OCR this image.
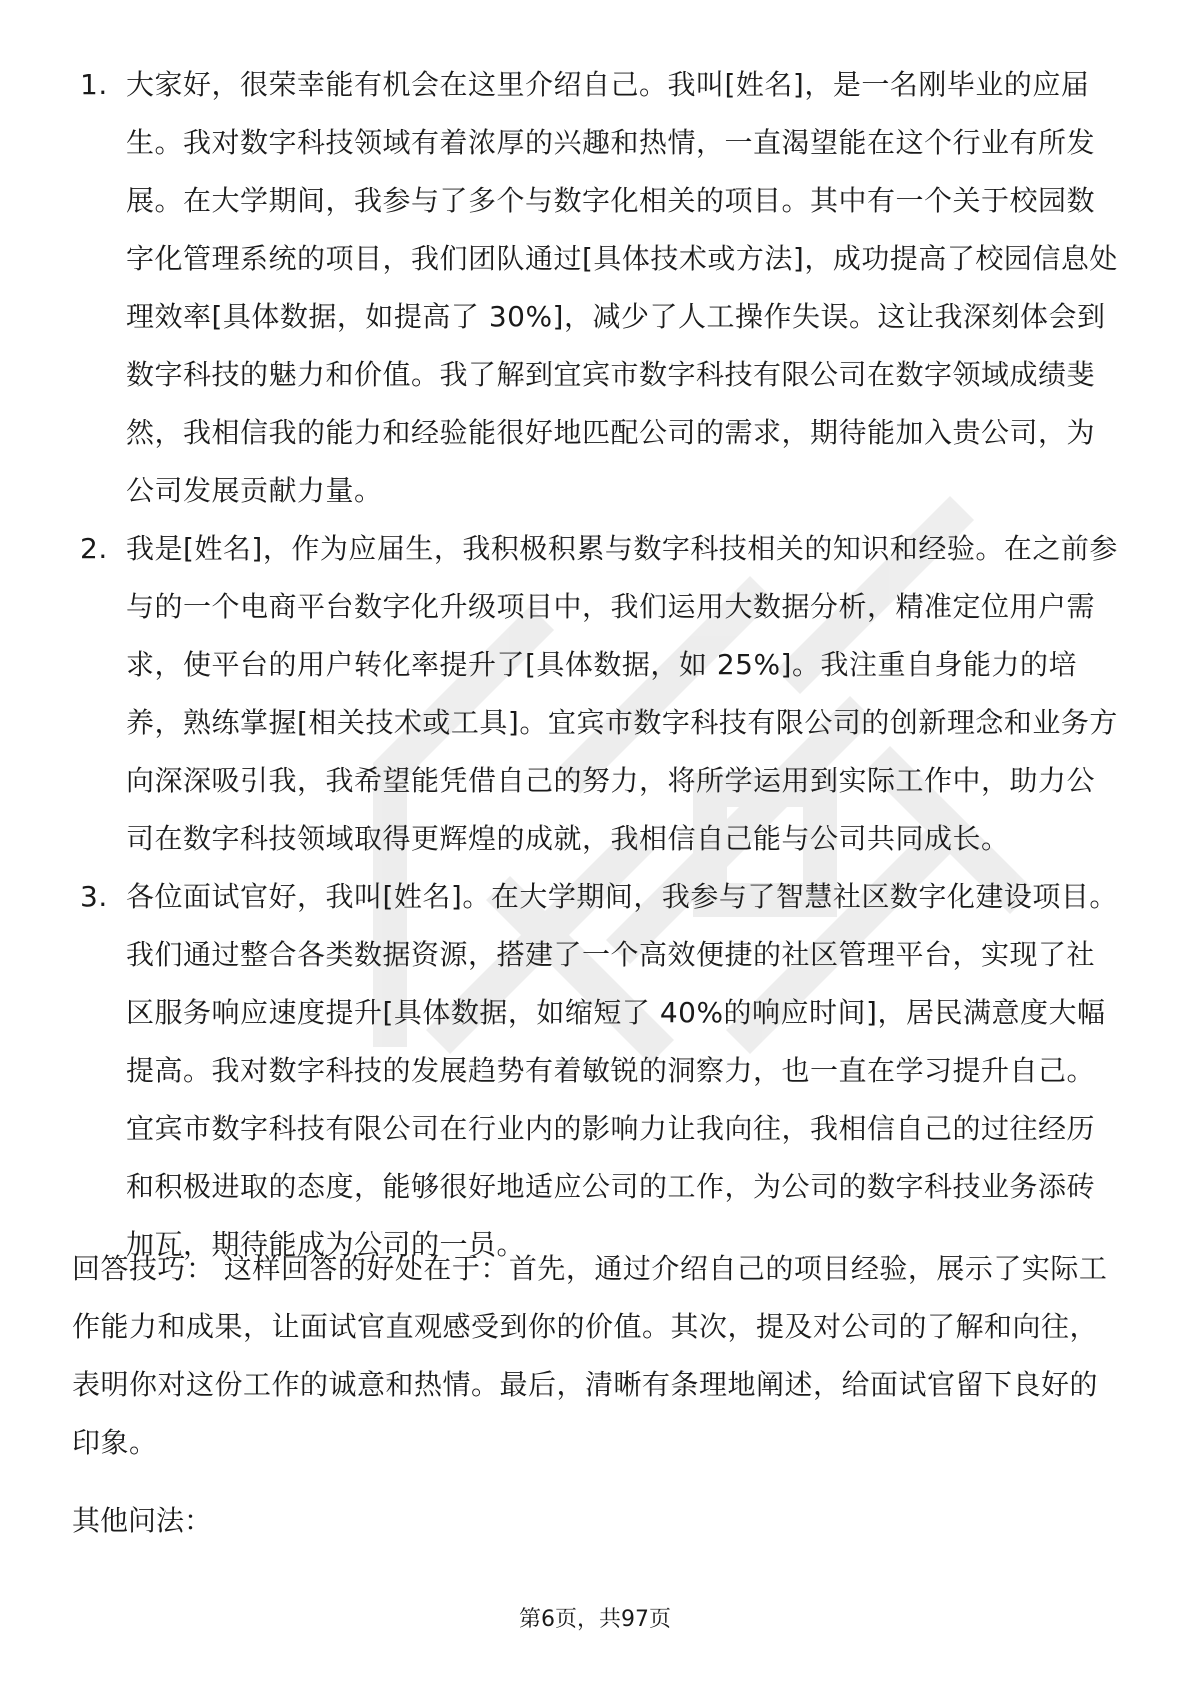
1. 大家好，很荣幸能有机会在这里介绍自己。我叫[姓名]，是一名刚毕业的应届生。我对数字科技领域有着浓厚的兴趣和热情，一直渴望能在这个行业有所发展。在大学期间，我参与了多个与数字化相关的项目。其中有一个关于校园数字化管理系统的项目，我们团队通过[具体技术或方法]，成功提高了校园信息处理效率[具体数据，如提高了 30%]，减少了人工操作失误。这让我深刻体会到数字科技的魅力和价值。我了解到宜宾市数字科技有限公司在数字领域成绩斐然，我相信我的能力和经验能很好地匹配公司的需求，期待能加入贵公司，为公司发展贡献力量。
2. 我是[姓名]，作为应届生，我积极积累与数字科技相关的知识和经验。在之前参与的一个电商平台数字化升级项目中，我们运用大数据分析，精准定位用户需求，使平台的用户转化率提升了[具体数据，如 25%]。我注重自身能力的培养，熟练掌握[相关技术或工具]。宜宾市数字科技有限公司的创新理念和业务方向深深吸引我，我希望能凭借自己的努力，将所学运用到实际工作中，助力公司在数字科技领域取得更辉煌的成就，我相信自己能与公司共同成长。
3. 各位面试官好，我叫[姓名]。在大学期间，我参与了智慧社区数字化建设项目。我们通过整合各类数据资源，搭建了一个高效便捷的社区管理平台，实现了社区服务响应速度提升[具体数据，如缩短了 40%的响应时间]，居民满意度大幅提高。我对数字科技的发展趋势有着敏锐的洞察力，也一直在学习提升自己。宜宾市数字科技有限公司在行业内的影响力让我向往，我相信自己的过往经历和积极进取的态度，能够很好地适应公司的工作，为公司的数字科技业务添砖加瓦，期待能成为公司的一员。

回答技巧： 这样回答的好处在于：首先，通过介绍自己的项目经验，展示了实际工作能力和成果，让面试官直观感受到你的价值。其次，提及对公司的了解和向往，表明你对这份工作的诚意和热情。最后，清晰有条理地阐述，给面试官留下良好的印象。

其他问法：

第6页，共97页
